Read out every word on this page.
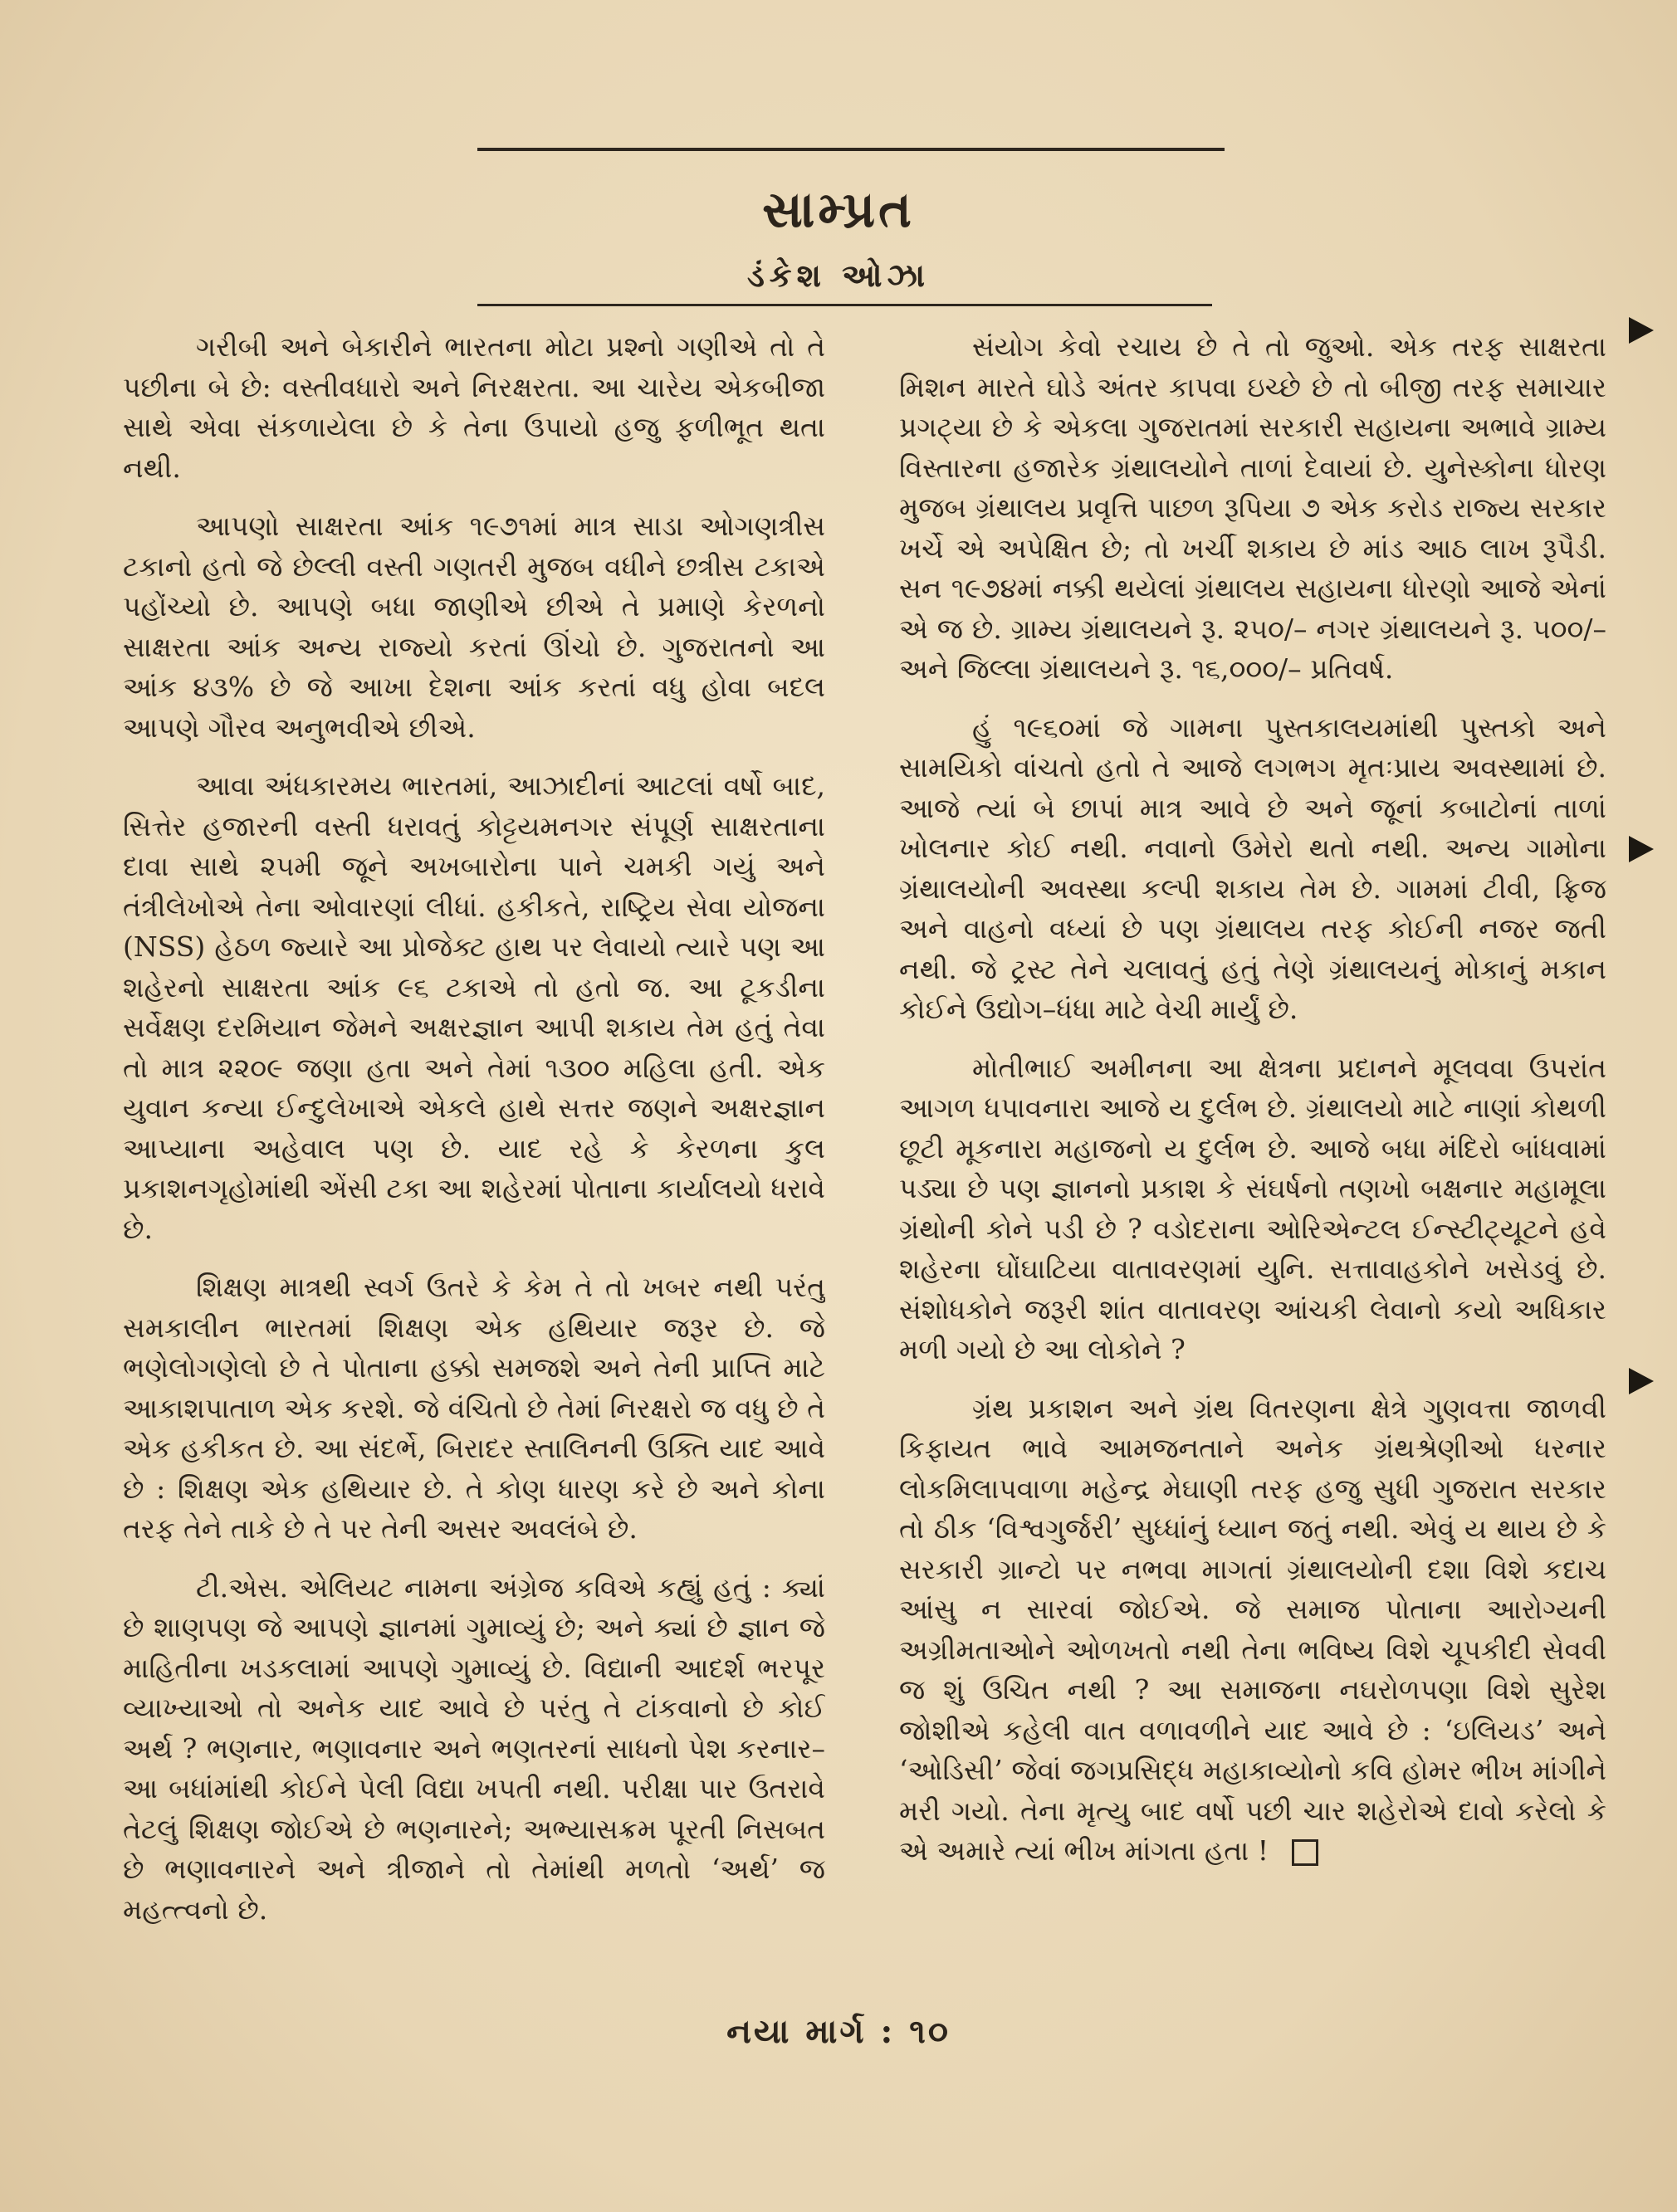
સામ્પ્રત
ડંકેશ ઓઝા

ગરીબી અને બેકારીને ભારતના મોટા પ્રશ્નો ગણીએ તો તે પછીના બે છે: વસ્તીવધારો અને નિરક્ષરતા. આ ચારેય એકબીજા સાથે એવા સંકળાયેલા છે કે તેના ઉપાયો હજુ ફળીભૂત થતા નથી.

આપણો સાક્ષરતા આંક ૧૯૭૧માં માત્ર સાડા ઓગણત્રીસ ટકાનો હતો જે છેલ્લી વસ્તી ગણતરી મુજબ વધીને છત્રીસ ટકાએ પહોંચ્યો છે. આપણે બધા જાણીએ છીએ તે પ્રમાણે કેરળનો સાક્ષરતા આંક અન્ય રાજ્યો કરતાં ઊંચો છે. ગુજરાતનો આ આંક ૪૩% છે જે આખા દેશના આંક કરતાં વધુ હોવા બદલ આપણે ગૌરવ અનુભવીએ છીએ.

આવા અંધકારમય ભારતમાં, આઝાદીનાં આટલાં વર્ષો બાદ, સિત્તેર હજારની વસ્તી ધરાવતું કોટ્ટયમનગર સંપૂર્ણ સાક્ષરતાના દાવા સાથે ૨૫મી જૂને અખબારોના પાને ચમકી ગયું અને તંત્રીલેખોએ તેના ઓવારણાં લીધાં. હકીકતે, રાષ્ટ્રિય સેવા યોજના (NSS) હેઠળ જ્યારે આ પ્રોજેક્ટ હાથ પર લેવાયો ત્યારે પણ આ શહેરનો સાક્ષરતા આંક ૯૬ ટકાએ તો હતો જ. આ ટૂકડીના સર્વેક્ષણ દરમિયાન જેમને અક્ષરજ્ઞાન આપી શકાય તેમ હતું તેવા તો માત્ર ૨૨૦૯ જણા હતા અને તેમાં ૧૩૦૦ મહિલા હતી. એક યુવાન કન્યા ઈન્દુલેખાએ એકલે હાથે સત્તર જણને અક્ષરજ્ઞાન આપ્યાના અહેવાલ પણ છે. યાદ રહે કે કેરળના કુલ પ્રકાશનગૃહોમાંથી એંસી ટકા આ શહેરમાં પોતાના કાર્યાલયો ધરાવે છે.

શિક્ષણ માત્રથી સ્વર્ગ ઉતરે કે કેમ તે તો ખબર નથી પરંતુ સમકાલીન ભારતમાં શિક્ષણ એક હથિયાર જરૂર છે. જે ભણેલોગણેલો છે તે પોતાના હક્કો સમજશે અને તેની પ્રાપ્તિ માટે આકાશપાતાળ એક કરશે. જે વંચિતો છે તેમાં નિરક્ષરો જ વધુ છે તે એક હકીકત છે. આ સંદર્ભે, બિરાદર સ્તાલિનની ઉક્તિ યાદ આવે છે : શિક્ષણ એક હથિયાર છે. તે કોણ ધારણ કરે છે અને કોના તરફ તેને તાકે છે તે પર તેની અસર અવલંબે છે.

ટી.એસ. એલિયટ નામના અંગ્રેજ કવિએ કહ્યું હતું : ક્યાં છે શાણપણ જે આપણે જ્ઞાનમાં ગુમાવ્યું છે; અને ક્યાં છે જ્ઞાન જે માહિતીના ખડકલામાં આપણે ગુમાવ્યું છે. વિદ્યાની આદર્શ ભરપૂર વ્યાખ્યાઓ તો અનેક યાદ આવે છે પરંતુ તે ટાંકવાનો છે કોઈ અર્થ ? ભણનાર, ભણાવનાર અને ભણતરનાં સાધનો પેશ કરનાર–આ બધાંમાંથી કોઈને પેલી વિદ્યા ખપતી નથી. પરીક્ષા પાર ઉતરાવે તેટલું શિક્ષણ જોઈએ છે ભણનારને; અભ્યાસક્રમ પૂરતી નિસબત છે ભણાવનારને અને ત્રીજાને તો તેમાંથી મળતો ‘અર્થ’ જ મહત્ત્વનો છે.

સંયોગ કેવો રચાય છે તે તો જુઓ. એક તરફ સાક્ષરતા મિશન મારતે ઘોડે અંતર કાપવા ઇચ્છે છે તો બીજી તરફ સમાચાર પ્રગટ્યા છે કે એકલા ગુજરાતમાં સરકારી સહાયના અભાવે ગ્રામ્ય વિસ્તારના હજારેક ગ્રંથાલયોને તાળાં દેવાયાં છે. યુનેસ્કોના ધોરણ મુજબ ગ્રંથાલય પ્રવૃત્તિ પાછળ રૂપિયા ૭ એક કરોડ રાજ્ય સરકાર ખર્ચે એ અપેક્ષિત છે; તો ખર્ચી શકાય છે માંડ આઠ લાખ રૂપૈડી. સન ૧૯૭૪માં નક્કી થયેલાં ગ્રંથાલય સહાયના ધોરણો આજે એનાં એ જ છે. ગ્રામ્ય ગ્રંથાલયને રૂ. ૨૫૦/– નગર ગ્રંથાલયને રૂ. ૫૦૦/– અને જિલ્લા ગ્રંથાલયને રૂ. ૧૬,૦૦૦/– પ્રતિવર્ષ.

હું ૧૯૬૦માં જે ગામના પુસ્તકાલયમાંથી પુસ્તકો અને સામયિકો વાંચતો હતો તે આજે લગભગ મૃતઃપ્રાય અવસ્થામાં છે. આજે ત્યાં બે છાપાં માત્ર આવે છે અને જૂનાં કબાટોનાં તાળાં ખોલનાર કોઈ નથી. નવાનો ઉમેરો થતો નથી. અન્ય ગામોના ગ્રંથાલયોની અવસ્થા કલ્પી શકાય તેમ છે. ગામમાં ટીવી, ફ્રિજ અને વાહનો વધ્યાં છે પણ ગ્રંથાલય તરફ કોઈની નજર જતી નથી. જે ટ્રસ્ટ તેને ચલાવતું હતું તેણે ગ્રંથાલયનું મોકાનું મકાન કોઈને ઉદ્યોગ–ધંધા માટે વેચી માર્યું છે.

મોતીભાઈ અમીનના આ ક્ષેત્રના પ્રદાનને મૂલવવા ઉપરાંત આગળ ધપાવનારા આજે ય દુર્લભ છે. ગ્રંથાલયો માટે નાણાં કોથળી છૂટી મૂકનારા મહાજનો ય દુર્લભ છે. આજે બધા મંદિરો બાંધવામાં પડ્યા છે પણ જ્ઞાનનો પ્રકાશ કે સંઘર્ષનો તણખો બક્ષનાર મહામૂલા ગ્રંથોની કોને પડી છે ? વડોદરાના ઓરિએન્ટલ ઈન્સ્ટીટ્યૂટને હવે શહેરના ઘોંઘાટિયા વાતાવરણમાં યુનિ. સત્તાવાહકોને ખસેડવું છે. સંશોધકોને જરૂરી શાંત વાતાવરણ આંચકી લેવાનો કયો અધિકાર મળી ગયો છે આ લોકોને ?

ગ્રંથ પ્રકાશન અને ગ્રંથ વિતરણના ક્ષેત્રે ગુણવત્તા જાળવી કિફાયત ભાવે આમજનતાને અનેક ગ્રંથશ્રેણીઓ ધરનાર લોકમિલાપવાળા મહેન્દ્ર મેઘાણી તરફ હજુ સુધી ગુજરાત સરકાર તો ઠીક ‘વિશ્વગુર્જરી’ સુધ્ધાંનું ધ્યાન જતું નથી. એવું ય થાય છે કે સરકારી ગ્રાન્ટો પર નભવા માગતાં ગ્રંથાલયોની દશા વિશે કદાચ આંસુ ન સારવાં જોઈએ. જે સમાજ પોતાના આરોગ્યની અગ્રીમતાઓને ઓળખતો નથી તેના ભવિષ્ય વિશે ચૂપકીદી સેવવી જ શું ઉચિત નથી ? આ સમાજના નઘરોળપણા વિશે સુરેશ જોશીએ કહેલી વાત વળાવળીને યાદ આવે છે : ‘ઇલિયડ’ અને ‘ઓડિસી’ જેવાં જગપ્રસિદ્ધ મહાકાવ્યોનો કવિ હોમર ભીખ માંગીને મરી ગયો. તેના મૃત્યુ બાદ વર્ષો પછી ચાર શહેરોએ દાવો કરેલો કે એ અમારે ત્યાં ભીખ માંગતા હતા !

નયા માર્ગ : ૧૦
